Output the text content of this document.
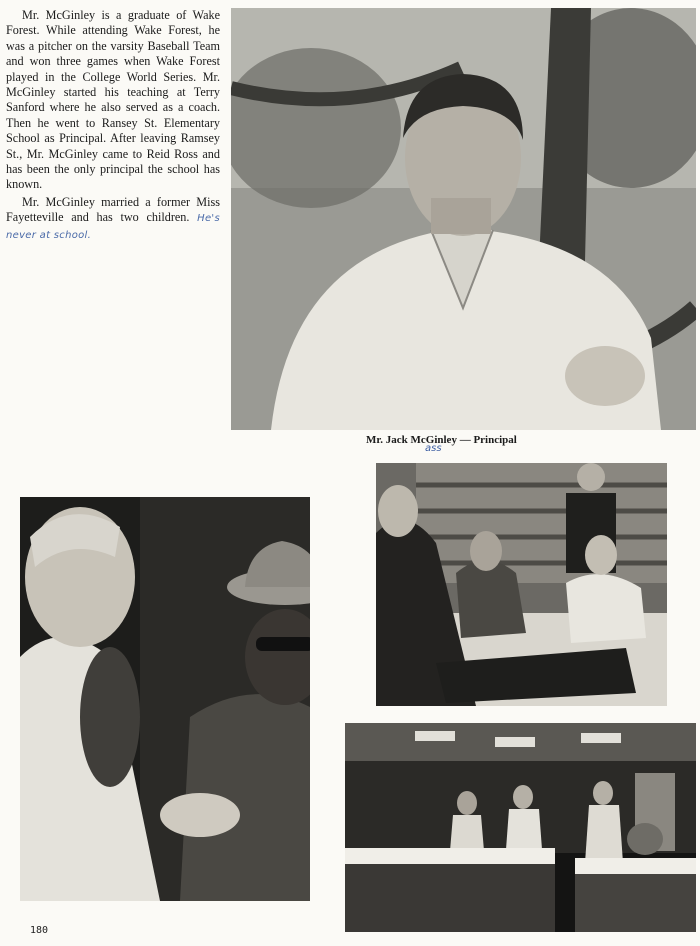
Mr. McGinley is a graduate of Wake Forest. While attending Wake Forest, he was a pitcher on the varsity Baseball Team and won three games when Wake Forest played in the College World Series. Mr. McGinley started his teaching at Terry Sanford where he also served as a coach. Then he went to Ransey St. Elementary School as Principal. After leaving Ramsey St., Mr. McGinley came to Reid Ross and has been the only principal the school has known.

Mr. McGinley married a former Miss Fayetteville and has two children. He's never at school.

Mr. Jack McGinley — Principal
ass
180
